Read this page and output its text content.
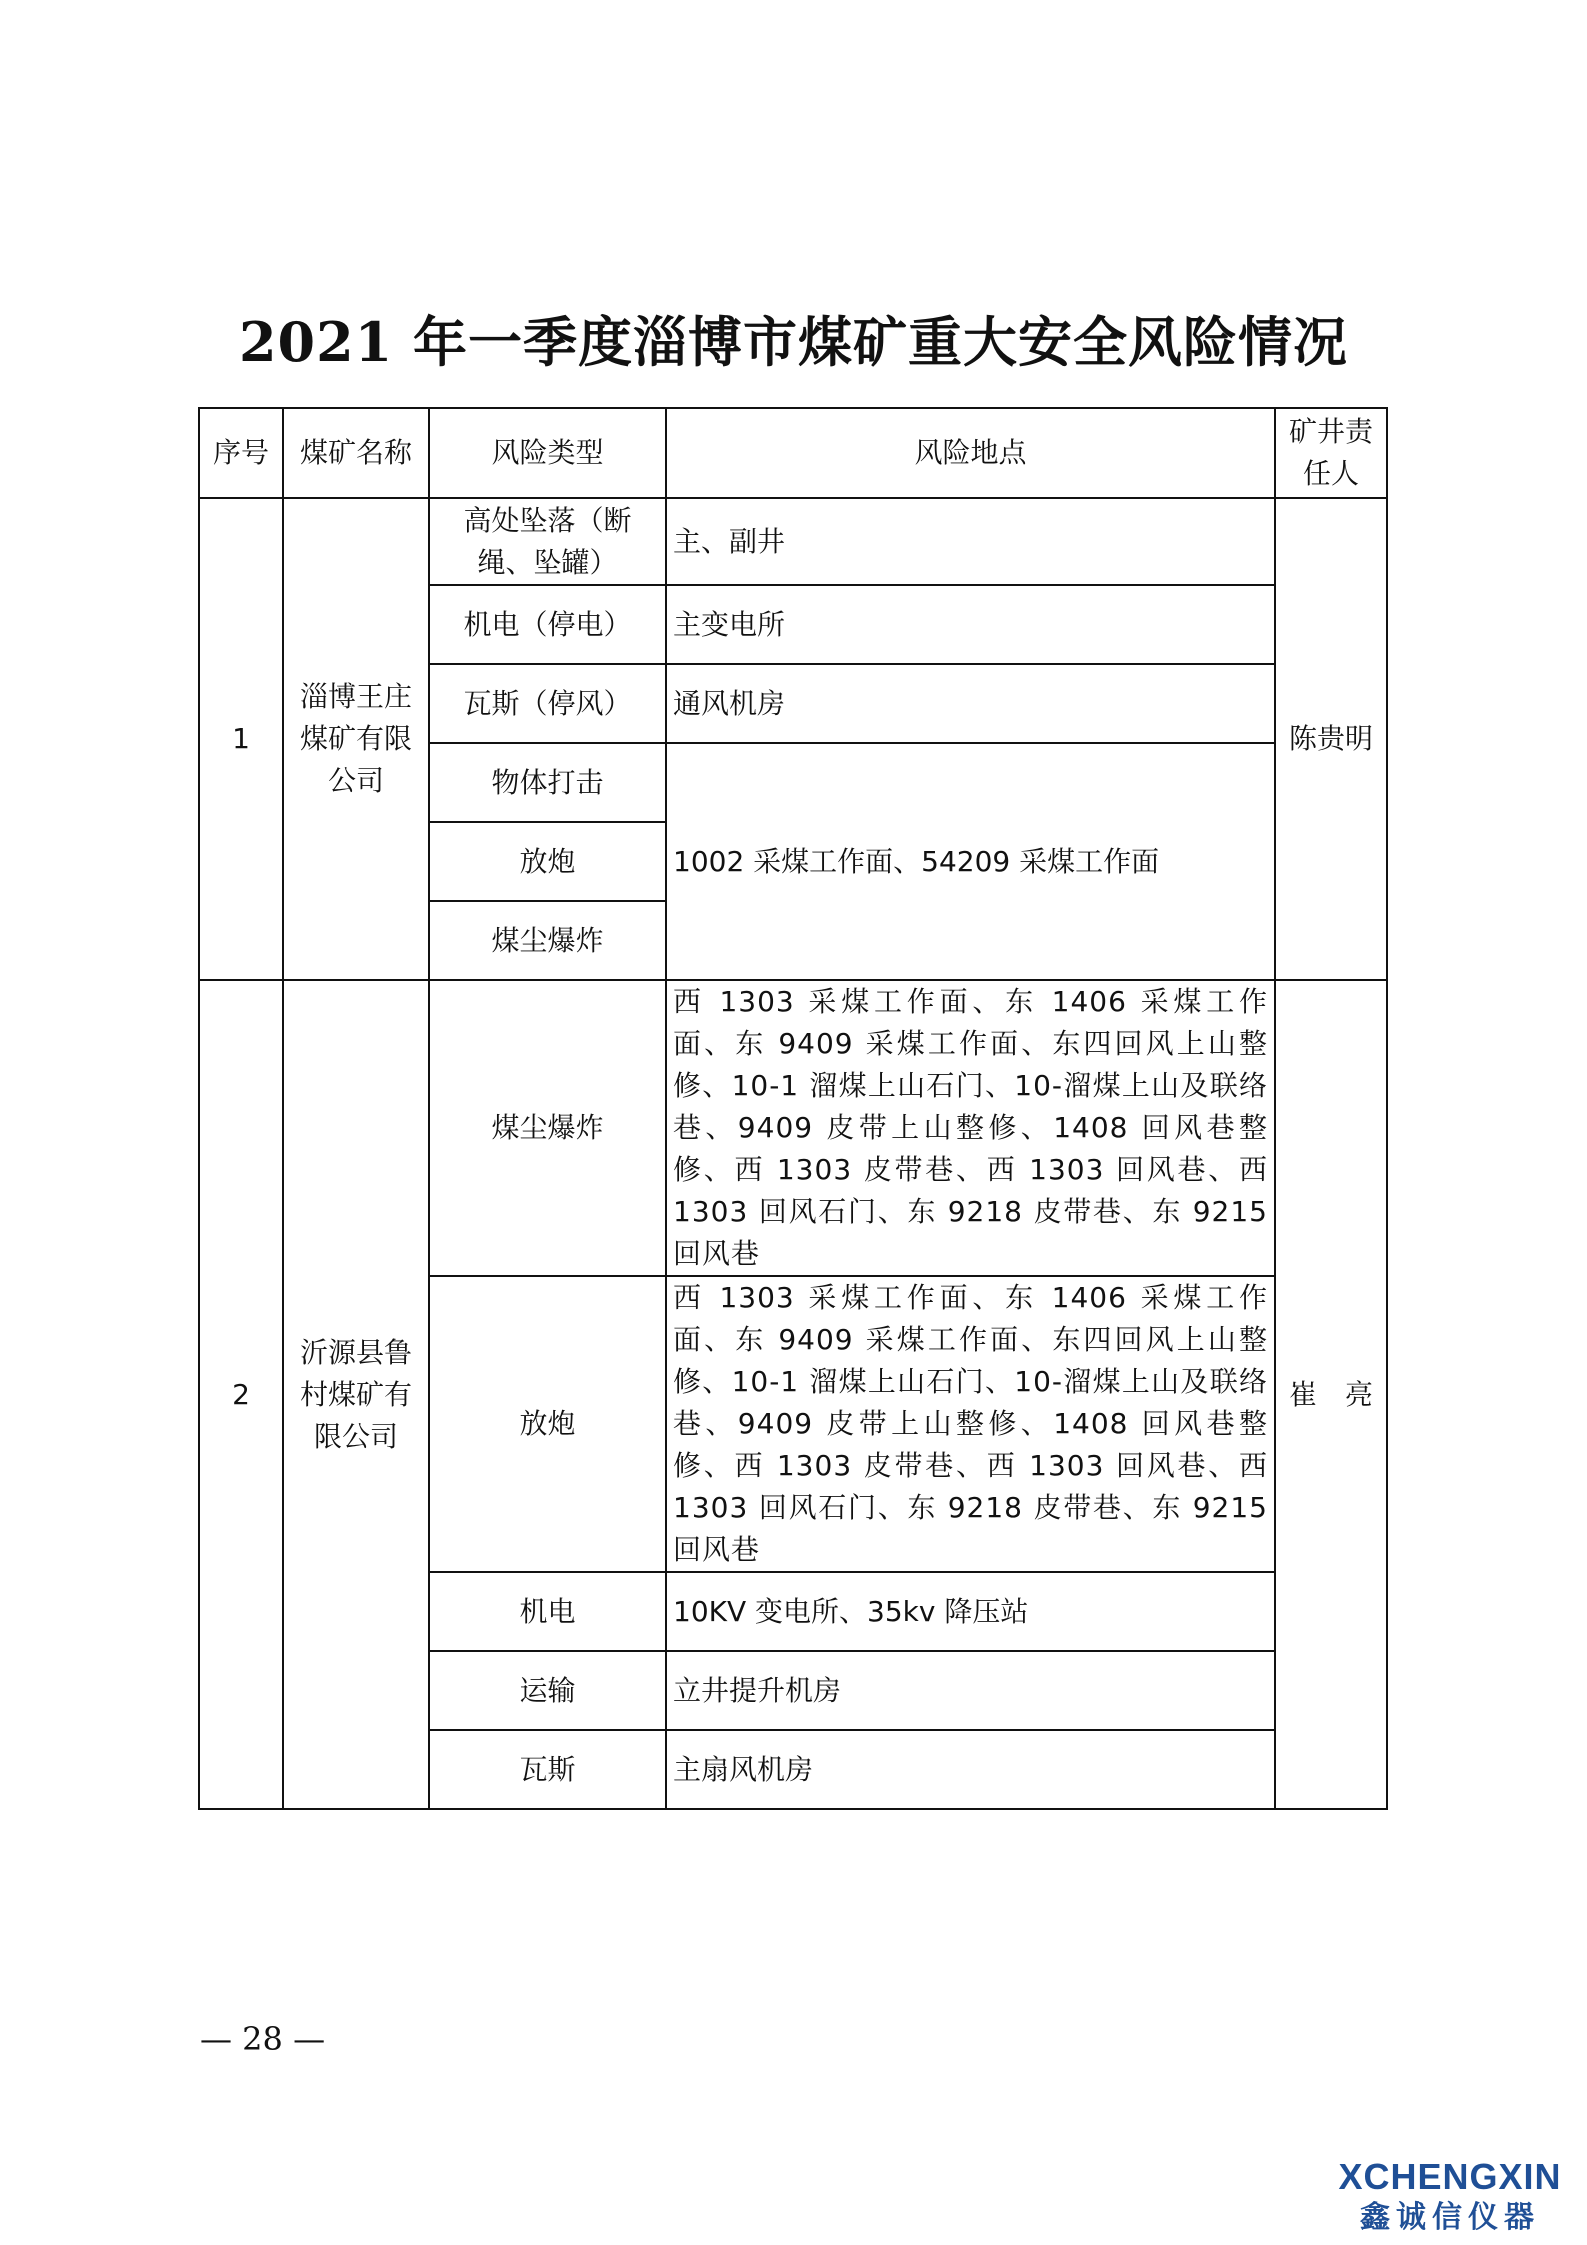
2021 年一季度淄博市煤矿重大安全风险情况
序号	煤矿名称	风险类型	风险地点	矿井责任人
1	淄博王庄煤矿有限公司	高处坠落（断绳、坠罐）	主、副井	陈贵明
		机电（停电）	主变电所	
		瓦斯（停风）	通风机房	
		物体打击	1002 采煤工作面、54209 采煤工作面	
		放炮		
		煤尘爆炸		
2	沂源县鲁村煤矿有限公司	煤尘爆炸	西 1303 采煤工作面、东 1406 采煤工作面、东 9409 采煤工作面、东四回风上山整修、10-1 溜煤上山石门、10-溜煤上山及联络巷、9409 皮带上山整修、1408 回风巷整修、西 1303 皮带巷、西 1303 回风巷、西 1303 回风石门、东 9218 皮带巷、东 9215 回风巷	崔　亮
		放炮	西 1303 采煤工作面、东 1406 采煤工作面、东 9409 采煤工作面、东四回风上山整修、10-1 溜煤上山石门、10-溜煤上山及联络巷、9409 皮带上山整修、1408 回风巷整修、西 1303 皮带巷、西 1303 回风巷、西 1303 回风石门、东 9218 皮带巷、东 9215 回风巷	
		机电	10KV 变电所、35kv 降压站	
		运输	立井提升机房	
		瓦斯	主扇风机房	
— 28 —
XCHENGXIN
鑫诚信仪器
